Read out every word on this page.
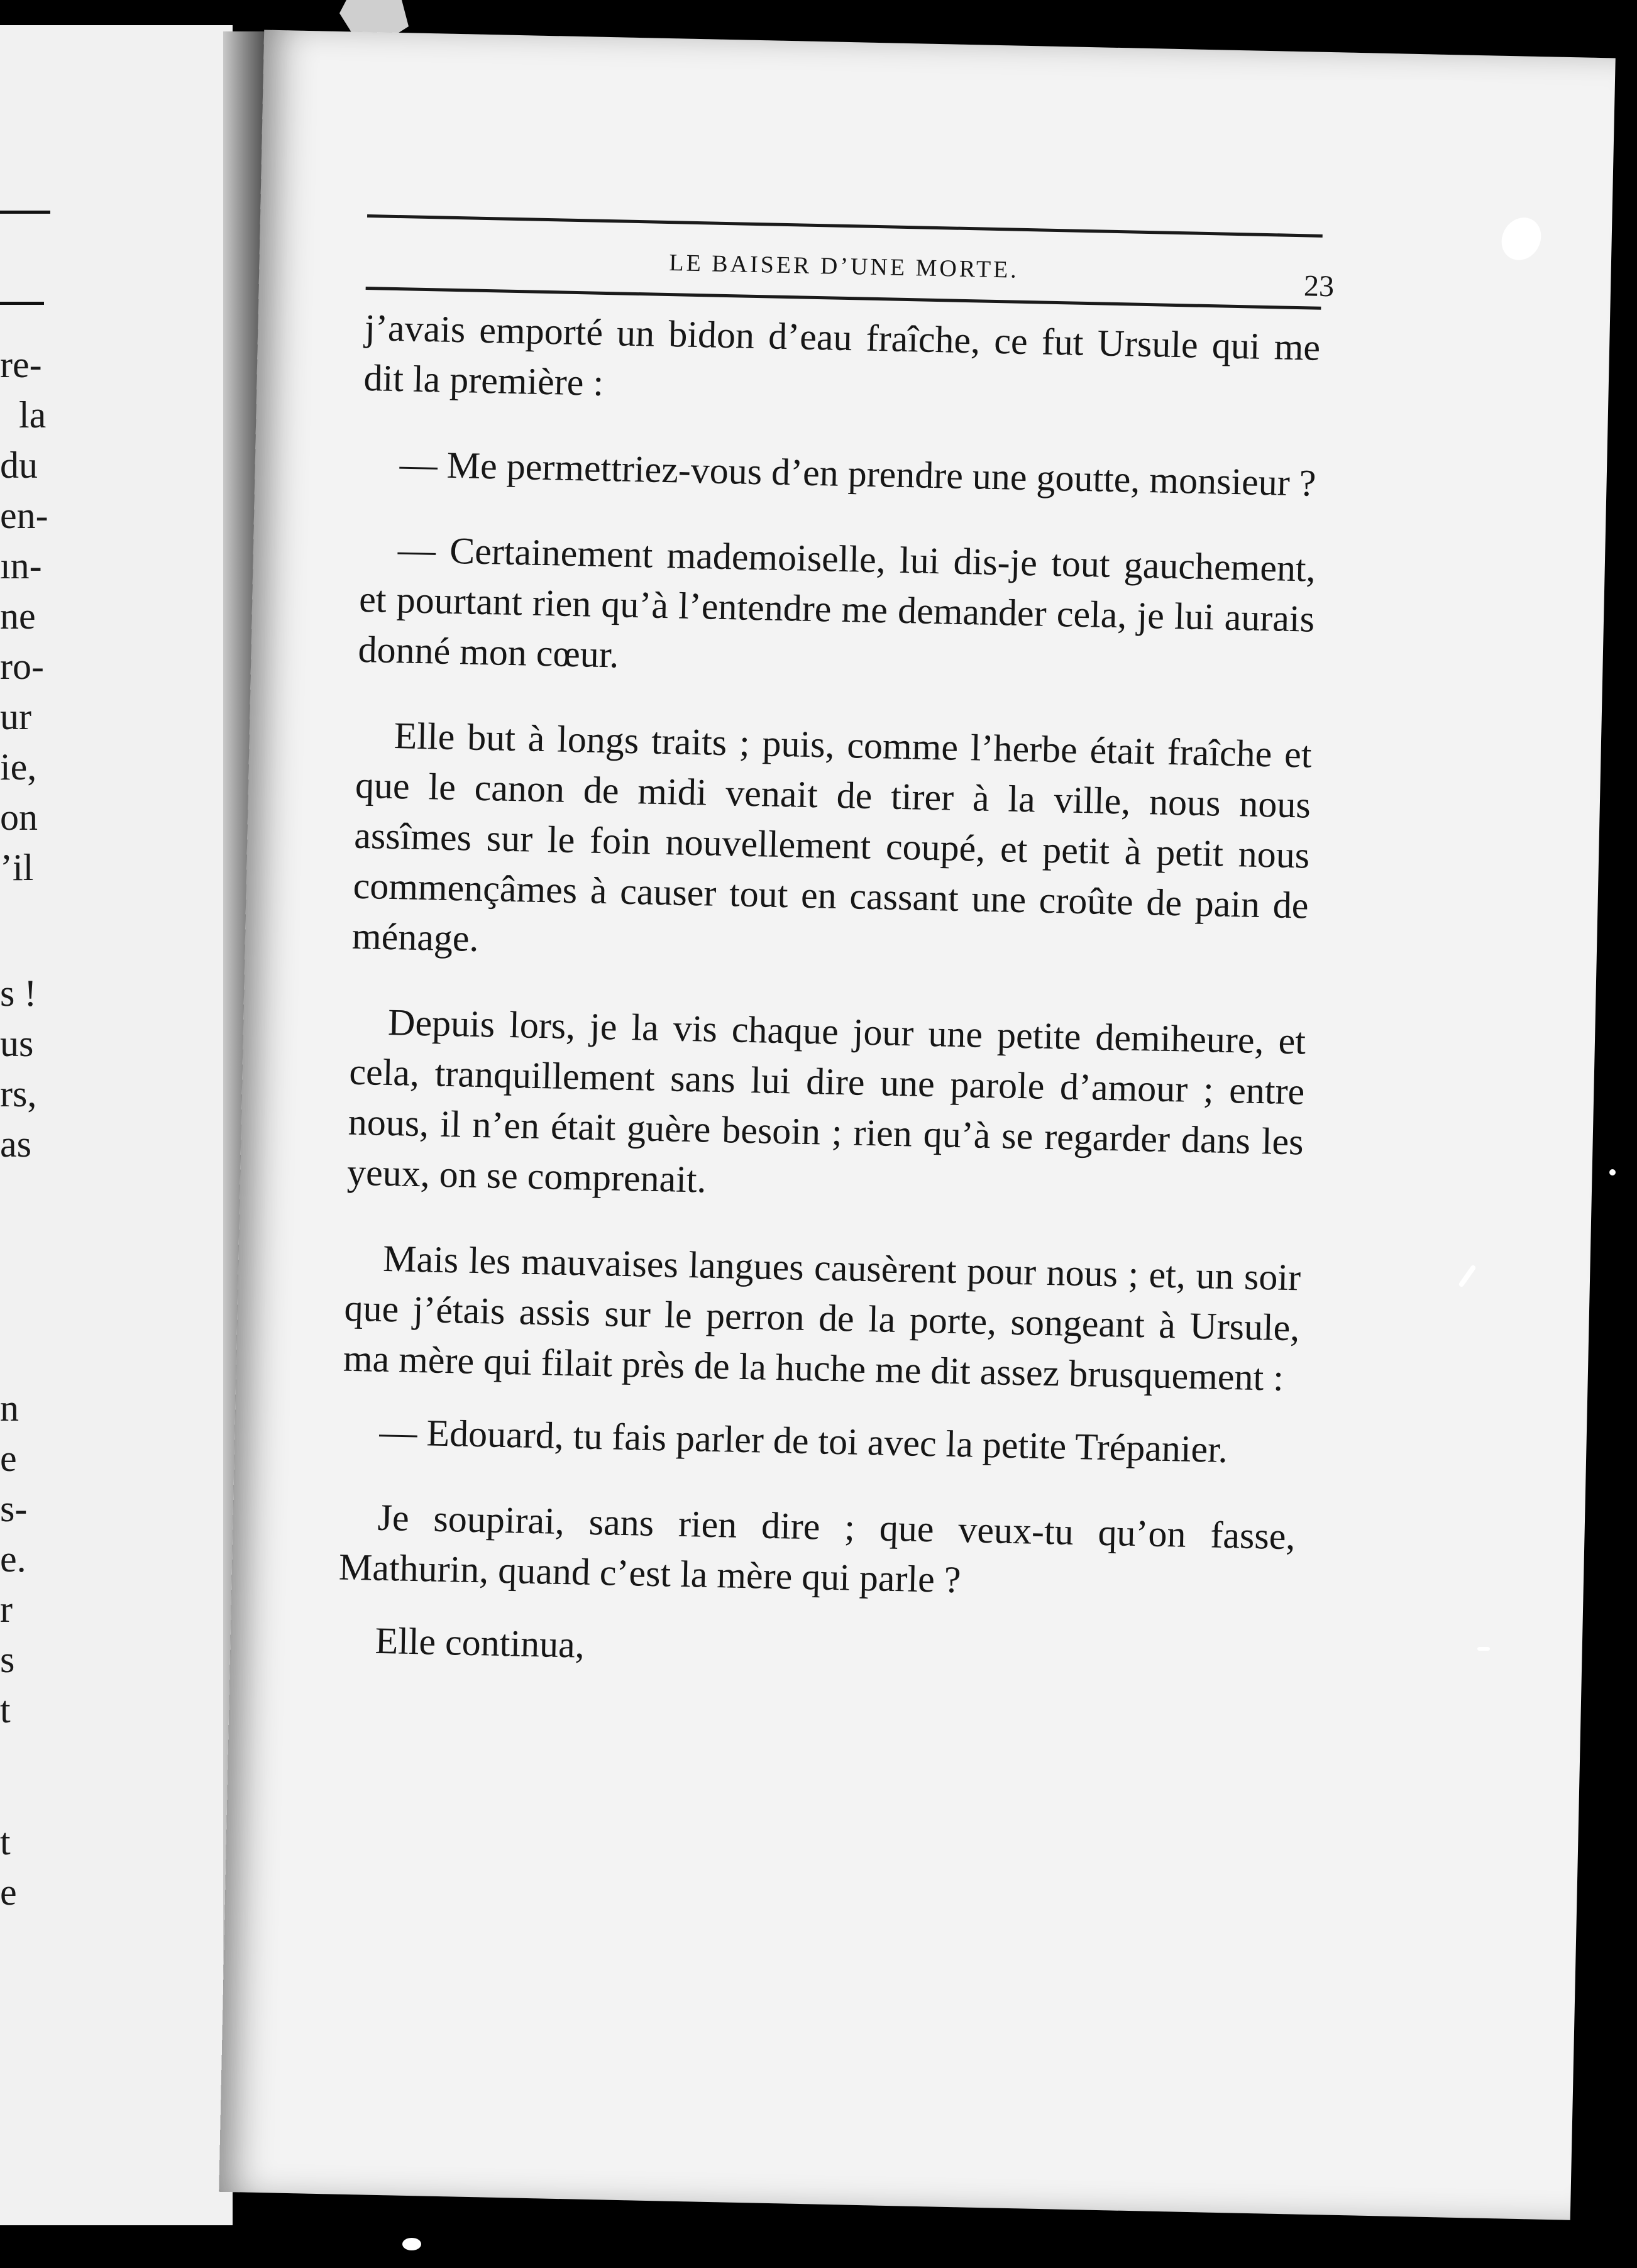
re-
la
du
en-
ın-
ne
ro-
ur
ie,
on
’il
s !
us
rs,
as
n
e
s-
e.
r
s
t
t
e
LE BAISER D’UNE MORTE.
23

j’avais emporté un bidon d’eau fraîche, ce fut Ursule qui me dit la première :

— Me permettriez-vous d’en prendre une goutte, monsieur ?

— Certainement mademoiselle, lui dis-je tout gauchement, et pourtant rien qu’à l’entendre me demander cela, je lui aurais donné mon cœur.

Elle but à longs traits ; puis, comme l’herbe était fraîche et que le canon de midi venait de tirer à la ville, nous nous assîmes sur le foin nouvellement coupé, et petit à petit nous commençâmes à causer tout en cassant une croûte de pain de ménage.

Depuis lors, je la vis chaque jour une petite demiheure, et cela, tranquillement sans lui dire une parole d’amour ; entre nous, il n’en était guère besoin ; rien qu’à se regarder dans les yeux, on se comprenait.

Mais les mauvaises langues causèrent pour nous ; et, un soir que j’étais assis sur le perron de la porte, songeant à Ursule, ma mère qui filait près de la huche me dit assez brusquement :

— Edouard, tu fais parler de toi avec la petite Trépanier.

Je soupirai, sans rien dire ; que veux-tu qu’on fasse, Mathurin, quand c’est la mère qui parle ?

Elle continua,
